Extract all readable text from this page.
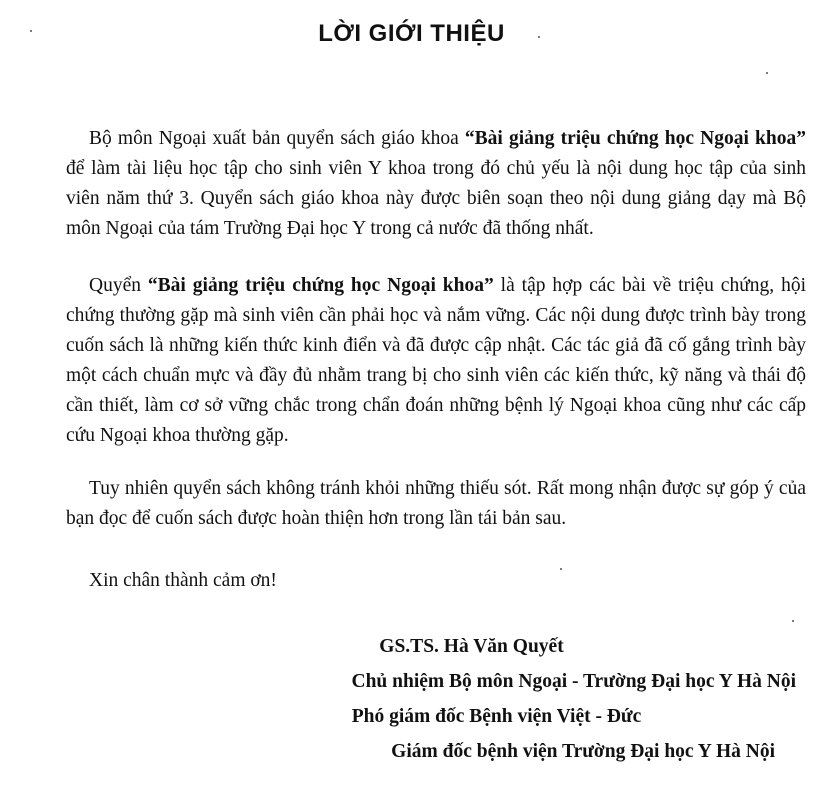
LỜI GIỚI THIỆU

Bộ môn Ngoại xuất bản quyển sách giáo khoa “Bài giảng triệu chứng học Ngoại khoa” để làm tài liệu học tập cho sinh viên Y khoa trong đó chủ yếu là nội dung học tập của sinh viên năm thứ 3. Quyển sách giáo khoa này được biên soạn theo nội dung giảng dạy mà Bộ môn Ngoại của tám Trường Đại học Y trong cả nước đã thống nhất.

Quyển “Bài giảng triệu chứng học Ngoại khoa” là tập hợp các bài về triệu chứng, hội chứng thường gặp mà sinh viên cần phải học và nắm vững. Các nội dung được trình bày trong cuốn sách là những kiến thức kinh điển và đã được cập nhật. Các tác giả đã cố gắng trình bày một cách chuẩn mực và đầy đủ nhằm trang bị cho sinh viên các kiến thức, kỹ năng và thái độ cần thiết, làm cơ sở vững chắc trong chẩn đoán những bệnh lý Ngoại khoa cũng như các cấp cứu Ngoại khoa thường gặp.

Tuy nhiên quyển sách không tránh khỏi những thiếu sót. Rất mong nhận được sự góp ý của bạn đọc để cuốn sách được hoàn thiện hơn trong lần tái bản sau.

Xin chân thành cảm ơn!

GS.TS. Hà Văn Quyết
Chủ nhiệm Bộ môn Ngoại - Trường Đại học Y Hà Nội
Phó giám đốc Bệnh viện Việt - Đức
Giám đốc bệnh viện Trường Đại học Y Hà Nội
